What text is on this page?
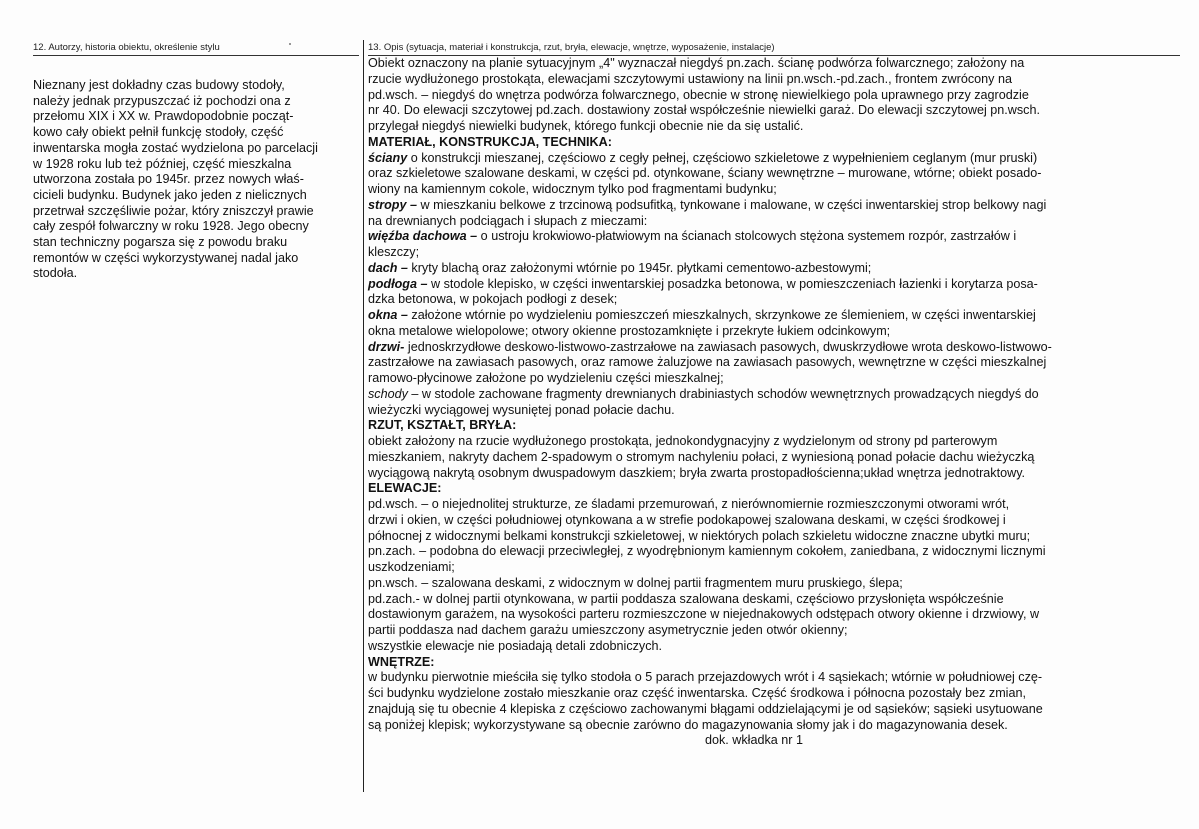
12. Autorzy, historia obiektu, określenie stylu
Nieznany jest dokładny czas budowy stodoły,
należy jednak przypuszczać iż pochodzi ona z
przełomu XIX i XX w. Prawdopodobnie począt-
kowo cały obiekt pełnił funkcję stodoły, część
inwentarska mogła zostać wydzielona po parcelacji
w 1928 roku lub też później, część mieszkalna
utworzona została po 1945r. przez nowych właś-
cicieli budynku. Budynek jako jeden z nielicznych
przetrwał szczęśliwie pożar, który zniszczył prawie
cały zespół folwarczny w roku 1928. Jego obecny
stan techniczny pogarsza się z powodu braku
remontów w części wykorzystywanej nadal jako
stodoła.
13. Opis (sytuacja, materiał i konstrukcja, rzut, bryła, elewacje, wnętrze, wyposażenie, instalacje)
Obiekt oznaczony na planie sytuacyjnym „4" wyznaczał niegdyś pn.zach. ścianę podwórza folwarcznego; założony na
rzucie wydłużonego prostokąta, elewacjami szczytowymi ustawiony na linii pn.wsch.-pd.zach., frontem zwrócony na
pd.wsch. – niegdyś do wnętrza podwórza folwarcznego, obecnie w stronę niewielkiego pola uprawnego przy zagrodzie
nr 40. Do elewacji szczytowej pd.zach. dostawiony został współcześnie niewielki garaż. Do elewacji szczytowej pn.wsch.
przylegał niegdyś niewielki budynek, którego funkcji obecnie nie da się ustalić.
MATERIAŁ, KONSTRUKCJA, TECHNIKA:
ściany o konstrukcji mieszanej, częściowo z cegły pełnej, częściowo szkieletowe z wypełnieniem ceglanym (mur pruski)
oraz szkieletowe szalowane deskami, w części pd. otynkowane, ściany wewnętrzne – murowane, wtórne; obiekt posado-
wiony na kamiennym cokole, widocznym tylko pod fragmentami budynku;
stropy – w mieszkaniu belkowe z trzcinową podsufitką, tynkowane i malowane, w części inwentarskiej strop belkowy nagi
na drewnianych podciągach i słupach z mieczami:
więźba dachowa – o ustroju krokwiowo-płatwiowym na ścianach stolcowych stężona systemem rozpór, zastrzałów i
kleszczy;
dach – kryty blachą oraz założonymi wtórnie po 1945r. płytkami cementowo-azbestowymi;
podłoga – w stodole klepisko, w części inwentarskiej posadzka betonowa, w pomieszczeniach łazienki i korytarza posa-
dzka betonowa, w pokojach podłogi z desek;
okna – założone wtórnie po wydzieleniu pomieszczeń mieszkalnych, skrzynkowe ze ślemieniem, w części inwentarskiej
okna metalowe wielopolowe; otwory okienne prostozamknięte i przekryte łukiem odcinkowym;
drzwi- jednoskrzydłowe deskowo-listwowo-zastrzałowe na zawiasach pasowych, dwuskrzydłowe wrota deskowo-listwowo-
zastrzałowe na zawiasach pasowych, oraz ramowe żaluzjowe na zawiasach pasowych, wewnętrzne w części mieszkalnej
ramowo-płycinowe założone po wydzieleniu części mieszkalnej;
schody – w stodole zachowane fragmenty drewnianych drabiniastych schodów wewnętrznych prowadzących niegdyś do
wieżyczki wyciągowej wysuniętej ponad połacie dachu.
RZUT, KSZTAŁT, BRYŁA:
obiekt założony na rzucie wydłużonego prostokąta, jednokondygnacyjny z wydzielonym od strony pd parterowym
mieszkaniem, nakryty dachem 2-spadowym o stromym nachyleniu połaci, z wyniesioną ponad połacie dachu wieżyczką
wyciągową nakrytą osobnym dwuspadowym daszkiem; bryła zwarta prostopadłościenna;układ wnętrza jednotraktowy.
ELEWACJE:
pd.wsch. – o niejednolitej strukturze, ze śladami przemurowań, z nierównomiernie rozmieszczonymi otworami wrót,
drzwi i okien, w części południowej otynkowana a w strefie podokapowej szalowana deskami, w części środkowej i
północnej z widocznymi belkami konstrukcji szkieletowej, w niektórych polach szkieletu widoczne znaczne ubytki muru;
pn.zach. – podobna do elewacji przeciwległej, z wyodrębnionym kamiennym cokołem, zaniedbana, z widocznymi licznymi
uszkodzeniami;
pn.wsch. – szalowana deskami, z widocznym w dolnej partii fragmentem muru pruskiego, ślepa;
pd.zach.- w dolnej partii otynkowana, w partii poddasza szalowana deskami, częściowo przysłonięta współcześnie
dostawionym garażem, na wysokości parteru rozmieszczone w niejednakowych odstępach otwory okienne i drzwiowy, w
partii poddasza nad dachem garażu umieszczony asymetrycznie jeden otwór okienny;
wszystkie elewacje nie posiadają detali zdobniczych.
WNĘTRZE:
w budynku pierwotnie mieściła się tylko stodoła o 5 parach przejazdowych wrót i 4 sąsiekach; wtórnie w południowej czę-
ści budynku wydzielone zostało mieszkanie oraz część inwentarska. Część środkowa i północna pozostały bez zmian,
znajdują się tu obecnie 4 klepiska z częściowo zachowanymi błągami oddzielającymi je od sąsieków; sąsieki usytuowane
są poniżej klepisk; wykorzystywane są obecnie zarówno do magazynowania słomy jak i do magazynowania desek.
dok. wkładka nr 1
